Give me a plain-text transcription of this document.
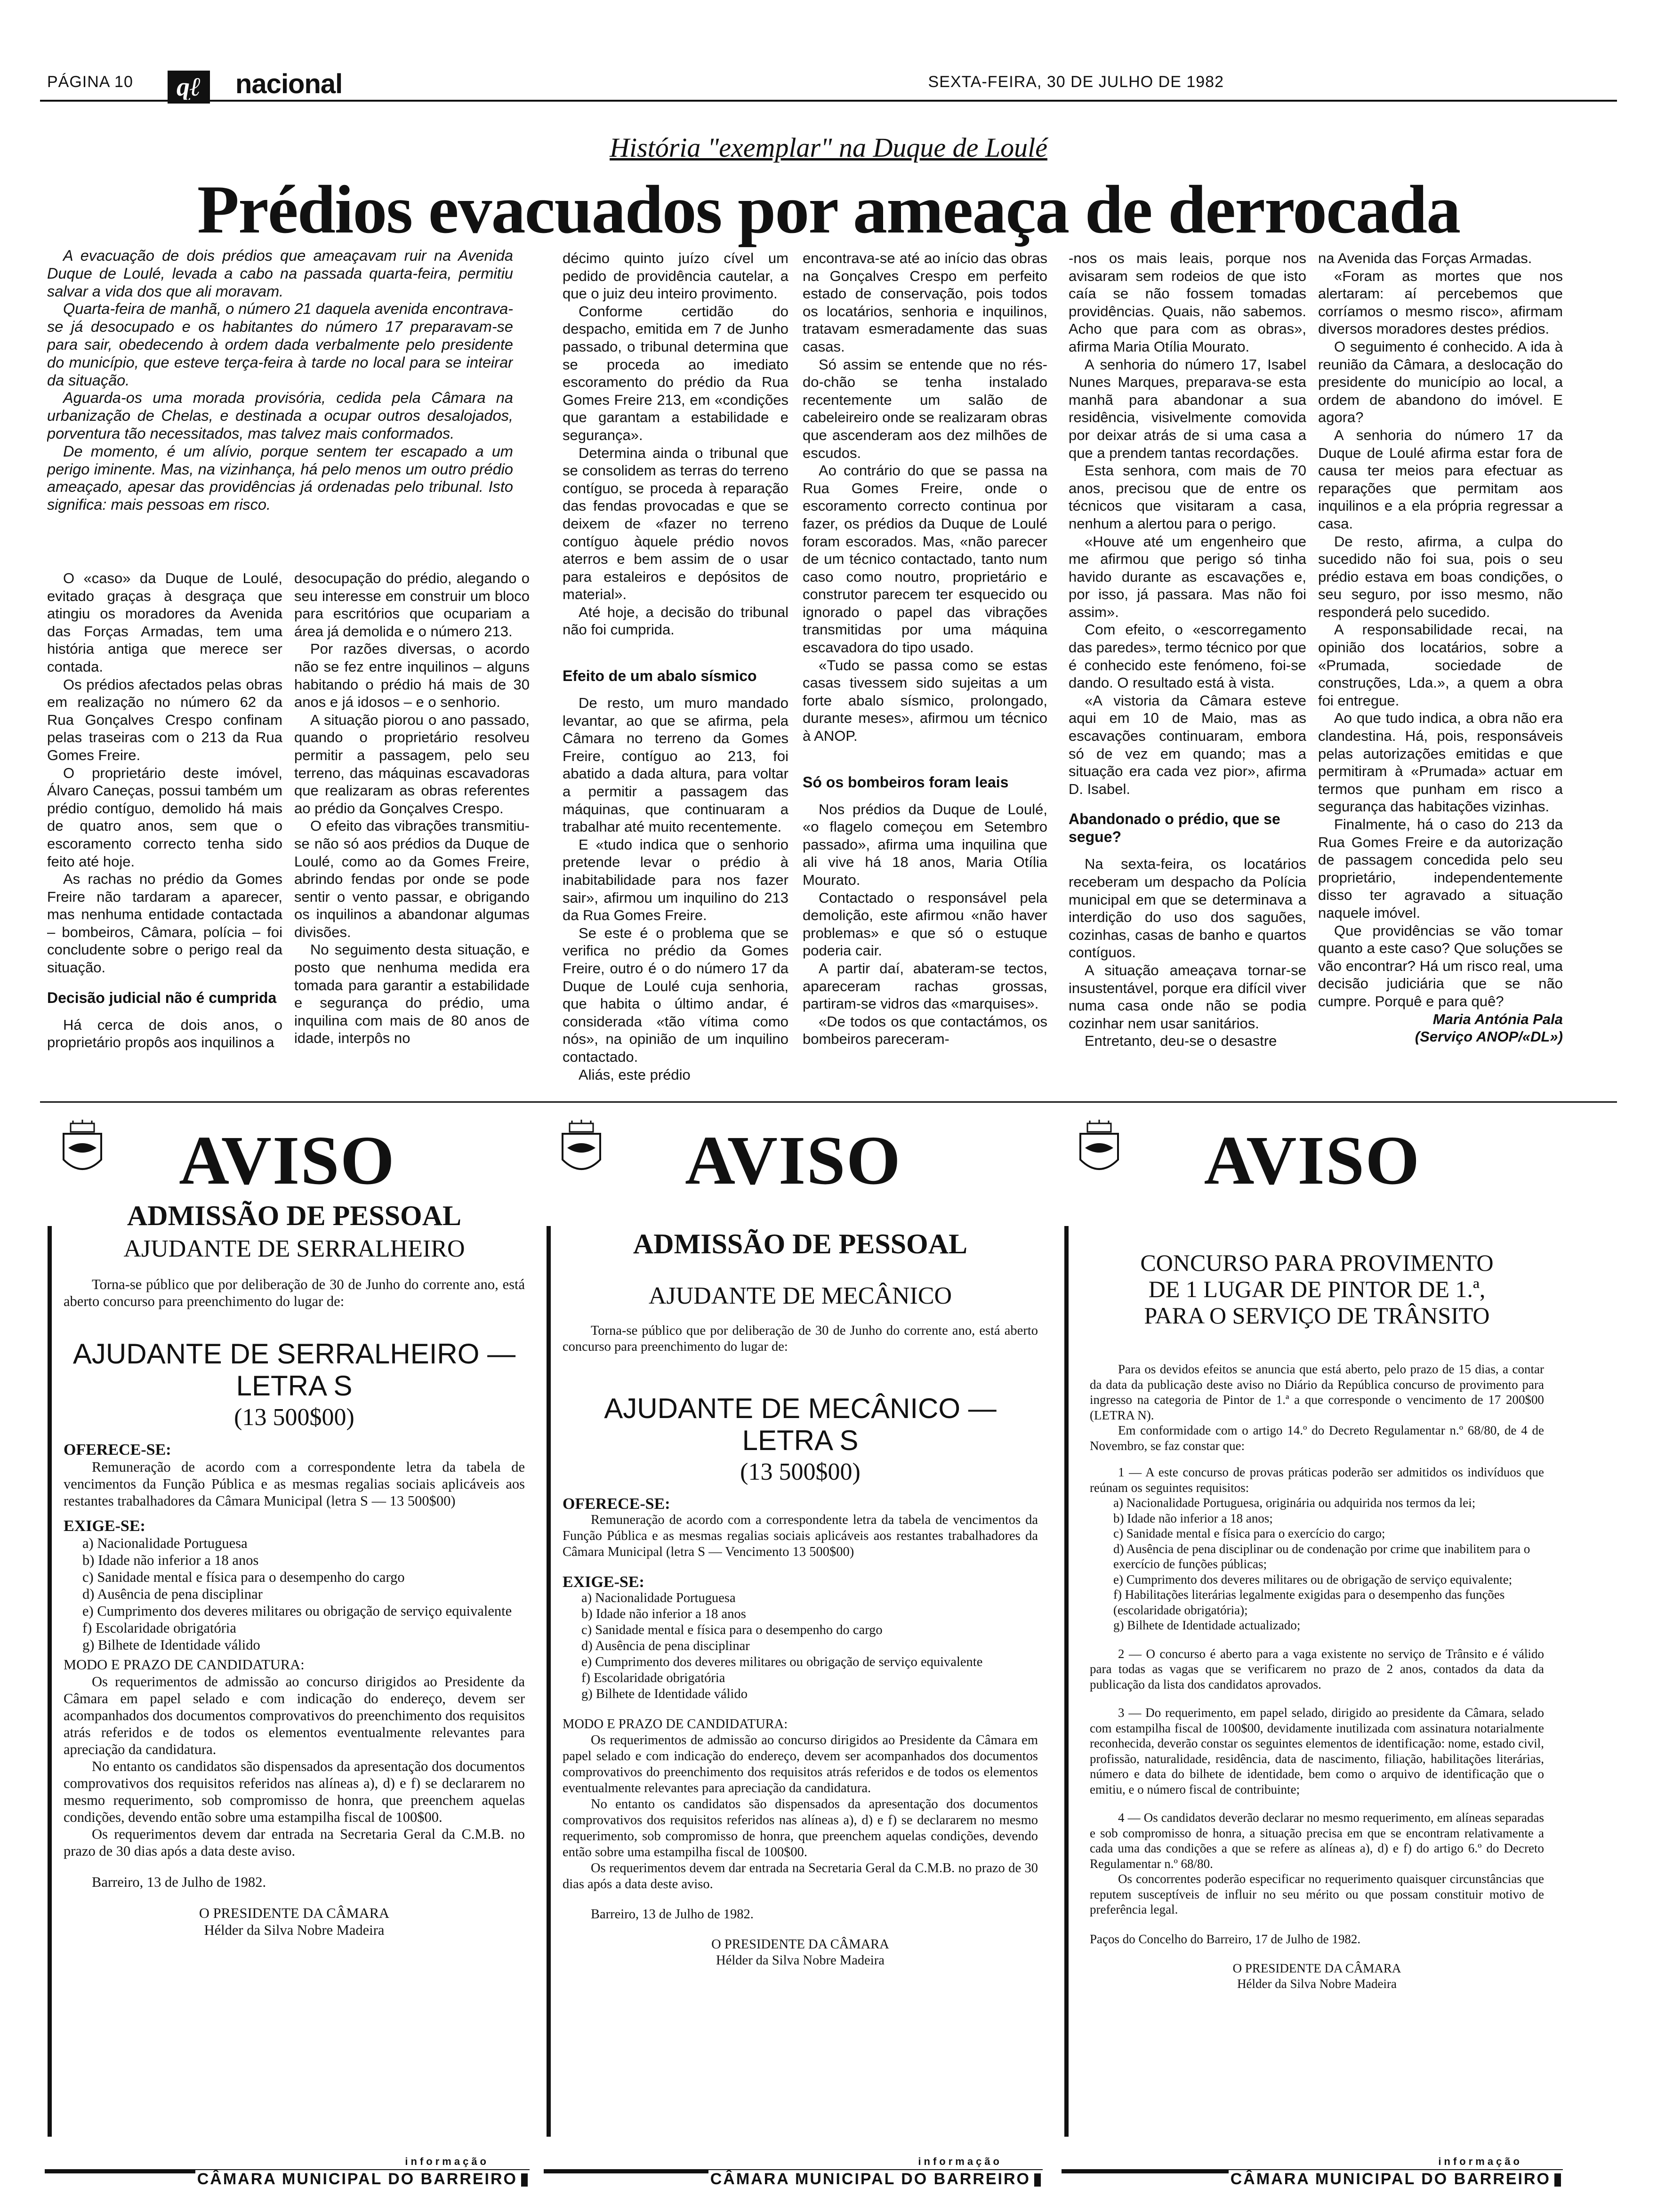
PÁGINA 10	ɋℓ	nacional	SEXTA-FEIRA, 30 DE JULHO DE 1982
História "exemplar" na Duque de Loulé
Prédios evacuados por ameaça de derrocada

A evacuação de dois prédios que ameaçavam ruir na Avenida Duque de Loulé, levada a cabo na passada quarta-feira, permitiu salvar a vida dos que ali moravam.

Quarta-feira de manhã, o número 21 daquela avenida encontrava-se já desocupado e os habitantes do número 17 preparavam-se para sair, obedecendo à ordem dada verbalmente pelo presidente do município, que esteve terça-feira à tarde no local para se inteirar da situação.

Aguarda-os uma morada provisória, cedida pela Câmara na urbanização de Chelas, e destinada a ocupar outros desalojados, porventura tão necessitados, mas talvez mais conformados.

De momento, é um alívio, porque sentem ter escapado a um perigo iminente. Mas, na vizinhança, há pelo menos um outro prédio ameaçado, apesar das providências já ordenadas pelo tribunal. Isto significa: mais pessoas em risco.

O «caso» da Duque de Loulé, evitado graças à desgraça que atingiu os moradores da Avenida das Forças Armadas, tem uma história antiga que merece ser contada.

Os prédios afectados pelas obras em realização no número 62 da Rua Gonçalves Crespo confinam pelas traseiras com o 213 da Rua Gomes Freire.

O proprietário deste imóvel, Álvaro Caneças, possui também um prédio contíguo, demolido há mais de quatro anos, sem que o escoramento correcto tenha sido feito até hoje.

As rachas no prédio da Gomes Freire não tardaram a aparecer, mas nenhuma entidade contactada – bombeiros, Câmara, polícia – foi concludente sobre o perigo real da situação.

Decisão judicial não é cumprida

Há cerca de dois anos, o proprietário propôs aos inquilinos a

desocupação do prédio, alegando o seu interesse em construir um bloco para escritórios que ocupariam a área já demolida e o número 213.

Por razões diversas, o acordo não se fez entre inquilinos – alguns habitando o prédio há mais de 30 anos e já idosos – e o senhorio.

A situação piorou o ano passado, quando o proprietário resolveu permitir a passagem, pelo seu terreno, das máquinas escavadoras que realizaram as obras referentes ao prédio da Gonçalves Crespo.

O efeito das vibrações transmitiu-se não só aos prédios da Duque de Loulé, como ao da Gomes Freire, abrindo fendas por onde se pode sentir o vento passar, e obrigando os inquilinos a abandonar algumas divisões.

No seguimento desta situação, e posto que nenhuma medida era tomada para garantir a estabilidade e segurança do prédio, uma inquilina com mais de 80 anos de idade, interpôs no

décimo quinto juízo cível um pedido de providência cautelar, a que o juiz deu inteiro provimento.

Conforme certidão do despacho, emitida em 7 de Junho passado, o tribunal determina que se proceda ao imediato escoramento do prédio da Rua Gomes Freire 213, em «condições que garantam a estabilidade e segurança».

Determina ainda o tribunal que se consolidem as terras do terreno contíguo, se proceda à reparação das fendas provocadas e que se deixem de «fazer no terreno contíguo àquele prédio novos aterros e bem assim de o usar para estaleiros e depósitos de material».

Até hoje, a decisão do tribunal não foi cumprida.

Efeito de um abalo sísmico

De resto, um muro mandado levantar, ao que se afirma, pela Câmara no terreno da Gomes Freire, contíguo ao 213, foi abatido a dada altura, para voltar a permitir a passagem das máquinas, que continuaram a trabalhar até muito recentemente.

E «tudo indica que o senhorio pretende levar o prédio à inabitabilidade para nos fazer sair», afirmou um inquilino do 213 da Rua Gomes Freire.

Se este é o problema que se verifica no prédio da Gomes Freire, outro é o do número 17 da Duque de Loulé cuja senhoria, que habita o último andar, é considerada «tão vítima como nós», na opinião de um inquilino contactado.

Aliás, este prédio

encontrava-se até ao início das obras na Gonçalves Crespo em perfeito estado de conservação, pois todos os locatários, senhoria e inquilinos, tratavam esmeradamente das suas casas.

Só assim se entende que no rés-do-chão se tenha instalado recentemente um salão de cabeleireiro onde se realizaram obras que ascenderam aos dez milhões de escudos.

Ao contrário do que se passa na Rua Gomes Freire, onde o escoramento correcto continua por fazer, os prédios da Duque de Loulé foram escorados. Mas, «não parecer de um técnico contactado, tanto num caso como noutro, proprietário e construtor parecem ter esquecido ou ignorado o papel das vibrações transmitidas por uma máquina escavadora do tipo usado.

«Tudo se passa como se estas casas tivessem sido sujeitas a um forte abalo sísmico, prolongado, durante meses», afirmou um técnico à ANOP.

Só os bombeiros foram leais

Nos prédios da Duque de Loulé, «o flagelo começou em Setembro passado», afirma uma inquilina que ali vive há 18 anos, Maria Otília Mourato.

Contactado o responsável pela demolição, este afirmou «não haver problemas» e que só o estuque poderia cair.

A partir daí, abateram-se tectos, apareceram rachas grossas, partiram-se vidros das «marquises».

«De todos os que contactámos, os bombeiros pareceram-

-nos os mais leais, porque nos avisaram sem rodeios de que isto caía se não fossem tomadas providências. Quais, não sabemos. Acho que para com as obras», afirma Maria Otília Mourato.

A senhoria do número 17, Isabel Nunes Marques, preparava-se esta manhã para abandonar a sua residência, visivelmente comovida por deixar atrás de si uma casa a que a prendem tantas recordações.

Esta senhora, com mais de 70 anos, precisou que de entre os técnicos que visitaram a casa, nenhum a alertou para o perigo.

«Houve até um engenheiro que me afirmou que perigo só tinha havido durante as escavações e, por isso, já passara. Mas não foi assim».

Com efeito, o «escorregamento das paredes», termo técnico por que é conhecido este fenómeno, foi-se dando. O resultado está à vista.

«A vistoria da Câmara esteve aqui em 10 de Maio, mas as escavações continuaram, embora só de vez em quando; mas a situação era cada vez pior», afirma D. Isabel.

Abandonado o prédio, que se segue?

Na sexta-feira, os locatários receberam um despacho da Polícia municipal em que se determinava a interdição do uso dos saguões, cozinhas, casas de banho e quartos contíguos.

A situação ameaçava tornar-se insustentável, porque era difícil viver numa casa onde não se podia cozinhar nem usar sanitários.

Entretanto, deu-se o desastre

na Avenida das Forças Armadas.

«Foram as mortes que nos alertaram: aí percebemos que corríamos o mesmo risco», afirmam diversos moradores destes prédios.

O seguimento é conhecido. A ida à reunião da Câmara, a deslocação do presidente do município ao local, a ordem de abandono do imóvel. E agora?

A senhoria do número 17 da Duque de Loulé afirma estar fora de causa ter meios para efectuar as reparações que permitam aos inquilinos e a ela própria regressar a casa.

De resto, afirma, a culpa do sucedido não foi sua, pois o seu prédio estava em boas condições, o seu seguro, por isso mesmo, não responderá pelo sucedido.

A responsabilidade recai, na opinião dos locatários, sobre a «Prumada, sociedade de construções, Lda.», a quem a obra foi entregue.

Ao que tudo indica, a obra não era clandestina. Há, pois, responsáveis pelas autorizações emitidas e que permitiram à «Prumada» actuar em termos que punham em risco a segurança das habitações vizinhas.

Finalmente, há o caso do 213 da Rua Gomes Freire e da autorização de passagem concedida pelo seu proprietário, independentemente disso ter agravado a situação naquele imóvel.

Que providências se vão tomar quanto a este caso? Que soluções se vão encontrar? Há um risco real, uma decisão judiciária que se não cumpre. Porquê e para quê?

Maria Antónia Pala

(Serviço ANOP/«DL»)

AVISO

ADMISSÃO DE PESSOAL

AJUDANTE DE SERRALHEIRO

Torna-se público que por deliberação de 30 de Junho do corrente ano, está aberto concurso para preenchimento do lugar de:

AJUDANTE DE SERRALHEIRO —

LETRA S

(13 500$00)

OFERECE-SE:

Remuneração de acordo com a correspondente letra da tabela de vencimentos da Função Pública e as mesmas regalias sociais aplicáveis aos restantes trabalhadores da Câmara Municipal (letra S — 13 500$00)

EXIGE-SE:

a) Nacionalidade Portuguesa
b) Idade não inferior a 18 anos
c) Sanidade mental e física para o desempenho do cargo
d) Ausência de pena disciplinar
e) Cumprimento dos deveres militares ou obrigação de serviço equivalente
f) Escolaridade obrigatória
g) Bilhete de Identidade válido

MODO E PRAZO DE CANDIDATURA:

Os requerimentos de admissão ao concurso dirigidos ao Presidente da Câmara em papel selado e com indicação do endereço, devem ser acompanhados dos documentos comprovativos do preenchimento dos requisitos atrás referidos e de todos os elementos eventualmente relevantes para apreciação da candidatura.

No entanto os candidatos são dispensados da apresentação dos documentos comprovativos dos requisitos referidos nas alíneas a), d) e f) se declararem no mesmo requerimento, sob compromisso de honra, que preenchem aquelas condições, devendo então sobre uma estampilha fiscal de 100$00.

Os requerimentos devem dar entrada na Secretaria Geral da C.M.B. no prazo de 30 dias após a data deste aviso.

Barreiro, 13 de Julho de 1982.

O PRESIDENTE DA CÂMARA

Hélder da Silva Nobre Madeira

informação
CÂMARA MUNICIPAL DO BARREIRO
AVISO

ADMISSÃO DE PESSOAL

AJUDANTE DE MECÂNICO

Torna-se público que por deliberação de 30 de Junho do corrente ano, está aberto concurso para preenchimento do lugar de:

AJUDANTE DE MECÂNICO —

LETRA S

(13 500$00)

OFERECE-SE:

Remuneração de acordo com a correspondente letra da tabela de vencimentos da Função Pública e as mesmas regalias sociais aplicáveis aos restantes trabalhadores da Câmara Municipal (letra S — Vencimento 13 500$00)

EXIGE-SE:

a) Nacionalidade Portuguesa
b) Idade não inferior a 18 anos
c) Sanidade mental e física para o desempenho do cargo
d) Ausência de pena disciplinar
e) Cumprimento dos deveres militares ou obrigação de serviço equivalente
f) Escolaridade obrigatória
g) Bilhete de Identidade válido

MODO E PRAZO DE CANDIDATURA:

Os requerimentos de admissão ao concurso dirigidos ao Presidente da Câmara em papel selado e com indicação do endereço, devem ser acompanhados dos documentos comprovativos do preenchimento dos requisitos atrás referidos e de todos os elementos eventualmente relevantes para apreciação da candidatura.

No entanto os candidatos são dispensados da apresentação dos documentos comprovativos dos requisitos referidos nas alíneas a), d) e f) se declararem no mesmo requerimento, sob compromisso de honra, que preenchem aquelas condições, devendo então sobre uma estampilha fiscal de 100$00.

Os requerimentos devem dar entrada na Secretaria Geral da C.M.B. no prazo de 30 dias após a data deste aviso.

Barreiro, 13 de Julho de 1982.

O PRESIDENTE DA CÂMARA

Hélder da Silva Nobre Madeira

informação
CÂMARA MUNICIPAL DO BARREIRO
AVISO

CONCURSO PARA PROVIMENTO

DE 1 LUGAR DE PINTOR DE 1.ª,

PARA O SERVIÇO DE TRÂNSITO

Para os devidos efeitos se anuncia que está aberto, pelo prazo de 15 dias, a contar da data da publicação deste aviso no Diário da República concurso de provimento para ingresso na categoria de Pintor de 1.ª a que corresponde o vencimento de 17 200$00 (LETRA N).

Em conformidade com o artigo 14.º do Decreto Regulamentar n.º 68/80, de 4 de Novembro, se faz constar que:

1 — A este concurso de provas práticas poderão ser admitidos os indivíduos que reúnam os seguintes requisitos:

a) Nacionalidade Portuguesa, originária ou adquirida nos termos da lei;
b) Idade não inferior a 18 anos;
c) Sanidade mental e física para o exercício do cargo;
d) Ausência de pena disciplinar ou de condenação por crime que inabilitem para o exercício de funções públicas;
e) Cumprimento dos deveres militares ou de obrigação de serviço equivalente;
f) Habilitações literárias legalmente exigidas para o desempenho das funções (escolaridade obrigatória);
g) Bilhete de Identidade actualizado;

2 — O concurso é aberto para a vaga existente no serviço de Trânsito e é válido para todas as vagas que se verificarem no prazo de 2 anos, contados da data da publicação da lista dos candidatos aprovados.

3 — Do requerimento, em papel selado, dirigido ao presidente da Câmara, selado com estampilha fiscal de 100$00, devidamente inutilizada com assinatura notarialmente reconhecida, deverão constar os seguintes elementos de identificação: nome, estado civil, profissão, naturalidade, residência, data de nascimento, filiação, habilitações literárias, número e data do bilhete de identidade, bem como o arquivo de identificação que o emitiu, e o número fiscal de contribuinte;

4 — Os candidatos deverão declarar no mesmo requerimento, em alíneas separadas e sob compromisso de honra, a situação precisa em que se encontram relativamente a cada uma das condições a que se refere as alíneas a), d) e f) do artigo 6.º do Decreto Regulamentar n.º 68/80.

Os concorrentes poderão especificar no requerimento quaisquer circunstâncias que reputem susceptíveis de influir no seu mérito ou que possam constituir motivo de preferência legal.

Paços do Concelho do Barreiro, 17 de Julho de 1982.

O PRESIDENTE DA CÂMARA

Hélder da Silva Nobre Madeira

informação
CÂMARA MUNICIPAL DO BARREIRO
